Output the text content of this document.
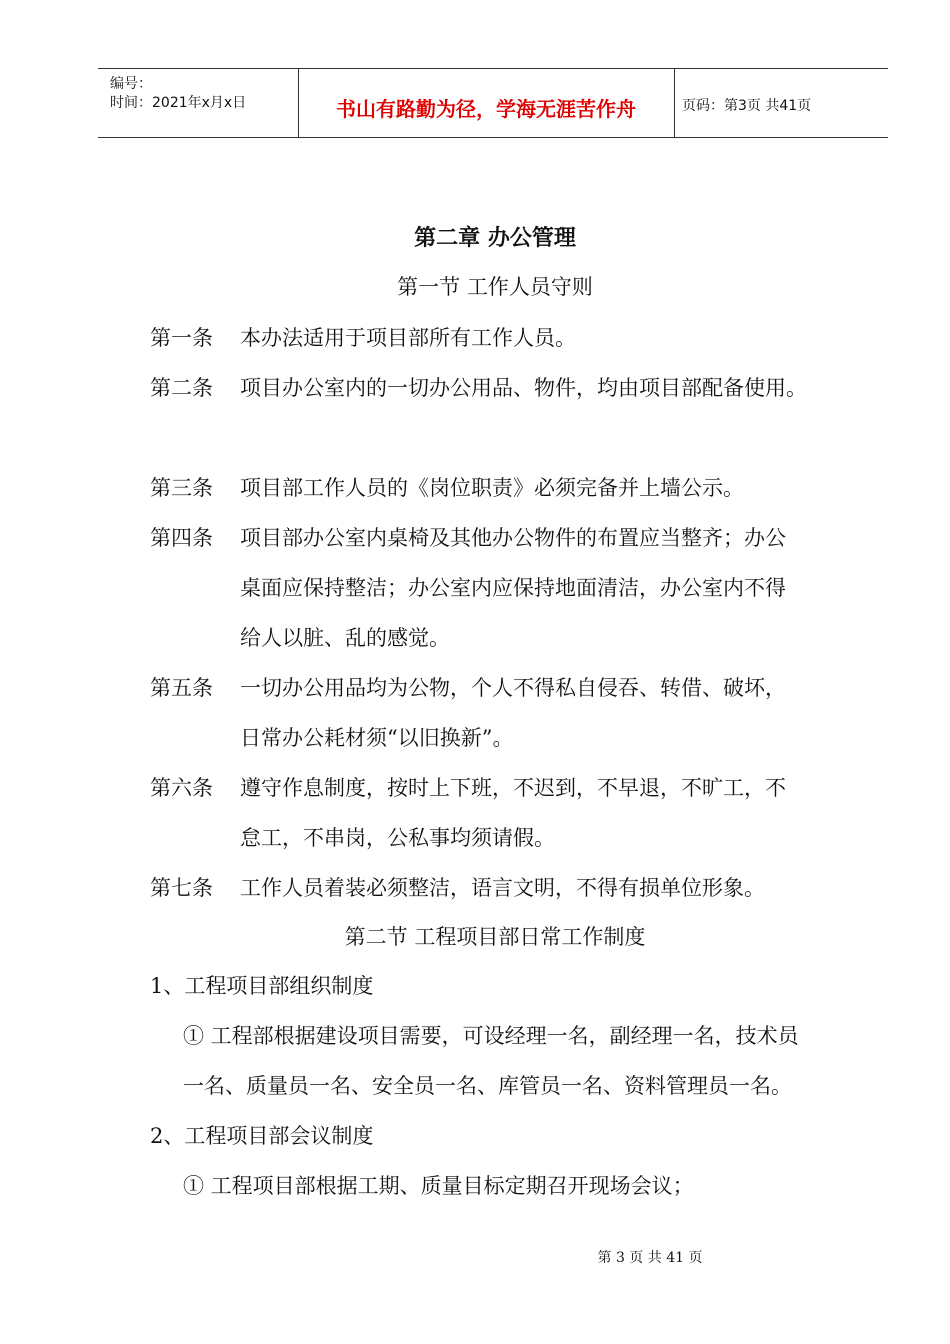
编号：
时间：2021年x月x日	书山有路勤为径，学海无涯苦作舟	页码：第3页 共41页
第二章 办公管理
第一节 工作人员守则
第一条 本办法适用于项目部所有工作人员。
第二条 项目办公室内的一切办公用品、物件，均由项目部配备使用。
第三条 项目部工作人员的《岗位职责》必须完备并上墙公示。
第四条 项目部办公室内桌椅及其他办公物件的布置应当整齐；办公
桌面应保持整洁；办公室内应保持地面清洁，办公室内不得
给人以脏、乱的感觉。
第五条 一切办公用品均为公物，个人不得私自侵吞、转借、破坏，
日常办公耗材须“以旧换新”。
第六条 遵守作息制度，按时上下班，不迟到，不早退，不旷工，不
怠工，不串岗，公私事均须请假。
第七条 工作人员着装必须整洁，语言文明，不得有损单位形象。
第二节 工程项目部日常工作制度
1、工程项目部组织制度
① 工程部根据建设项目需要，可设经理一名，副经理一名，技术员
一名、质量员一名、安全员一名、库管员一名、资料管理员一名。
2、工程项目部会议制度
① 工程项目部根据工期、质量目标定期召开现场会议；
第 3 页 共 41 页
